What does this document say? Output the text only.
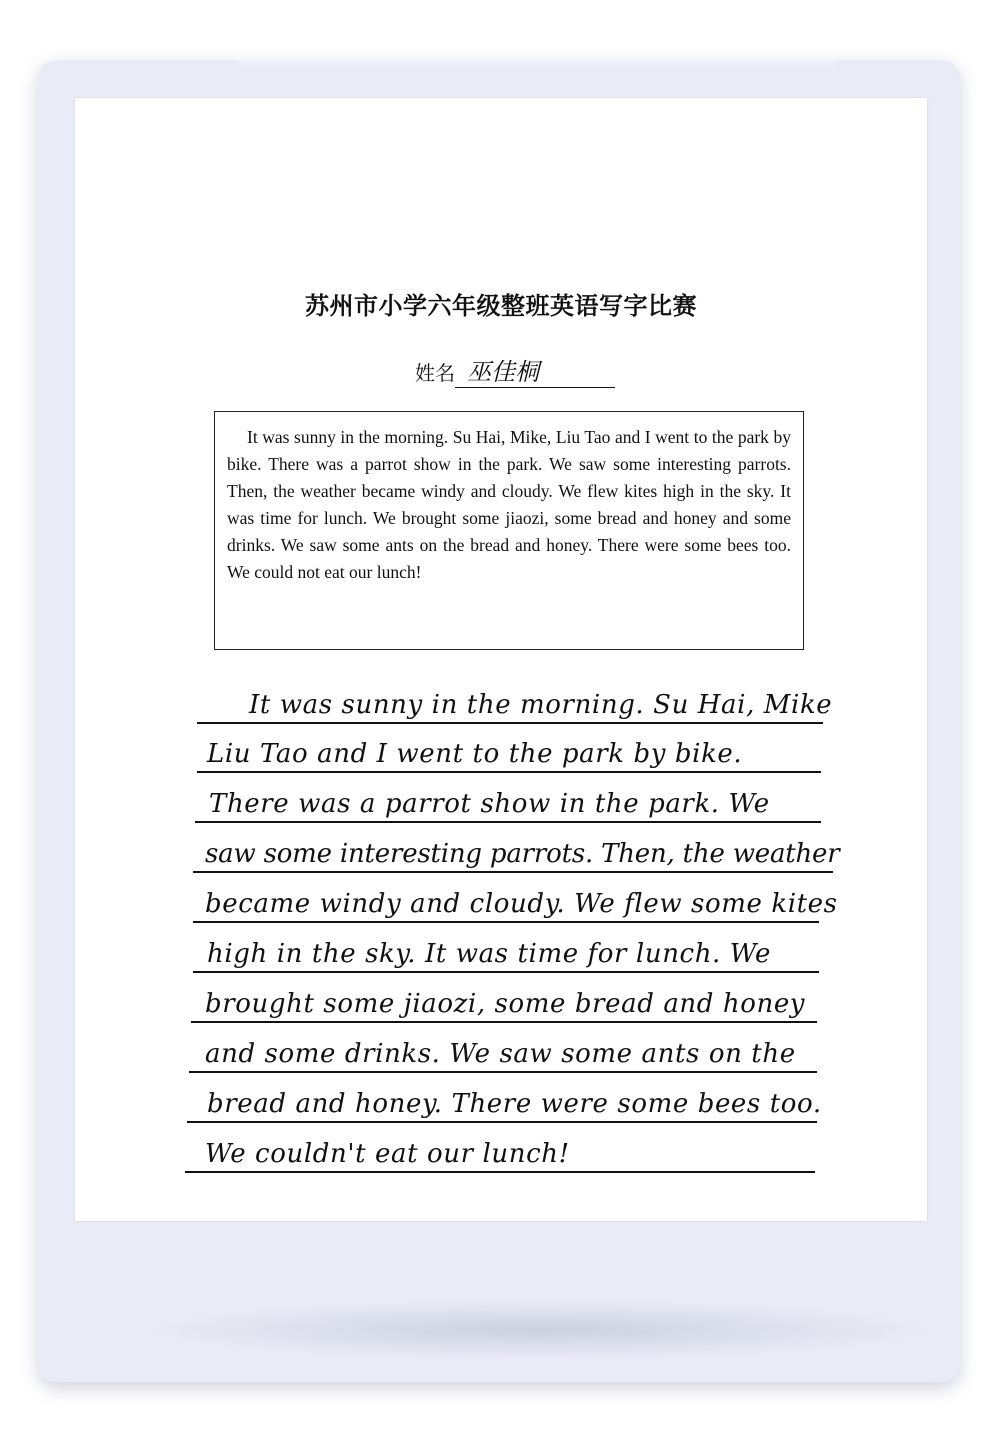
苏州市小学六年级整班英语写字比赛
姓名 巫佳桐
It was sunny in the morning. Su Hai, Mike, Liu Tao and I went to the park by bike. There was a parrot show in the park. We saw some interesting parrots. Then, the weather became windy and cloudy. We flew kites high in the sky. It was time for lunch. We brought some jiaozi, some bread and honey and some drinks. We saw some ants on the bread and honey. There were some bees too. We could not eat our lunch!
It was sunny in the morning. Su Hai, Mike
Liu Tao and I went to the park by bike.
There was a parrot show in the park. We
saw some interesting parrots. Then, the weather
became windy and cloudy. We flew some kites
high in the sky. It was time for lunch. We
brought some jiaozi, some bread and honey
and some drinks. We saw some ants on the
bread and honey. There were some bees too.
We couldn't eat our lunch!
